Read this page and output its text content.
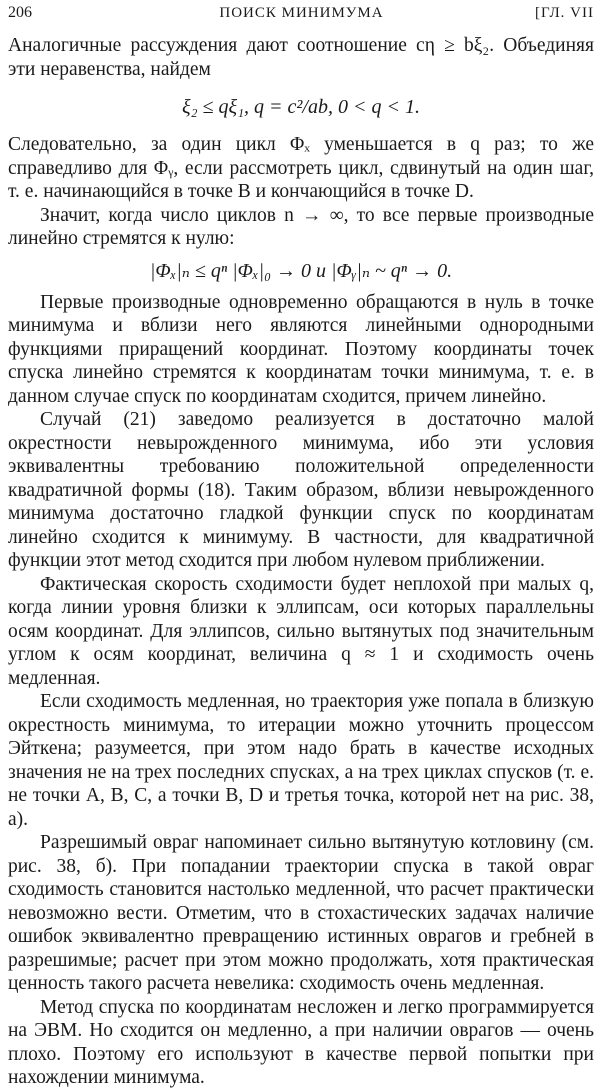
206	ПОИСК МИНИМУМА	[ГЛ. VII

Аналогичные рассуждения дают соотношение cη ≥ bξ₂. Объединяя эти неравенства, найдем

ξ₂ ≤ qξ₁, q = c²/ab, 0 < q < 1.

Следовательно, за один цикл Φₓ уменьшается в q раз; то же справедливо для Φᵧ, если рассмотреть цикл, сдвинутый на один шаг, т. е. начинающийся в точке B и кончающийся в точке D.

Значит, когда число циклов n → ∞, то все первые производные линейно стремятся к нулю:

|Φₓ|ₙ ≤ qⁿ |Φₓ|₀ → 0 и |Φᵧ|ₙ ~ qⁿ → 0.

Первые производные одновременно обращаются в нуль в точке минимума и вблизи него являются линейными однородными функциями приращений координат. Поэтому координаты точек спуска линейно стремятся к координатам точки минимума, т. е. в данном случае спуск по координатам сходится, причем линейно.

Случай (21) заведомо реализуется в достаточно малой окрестности невырожденного минимума, ибо эти условия эквивалентны требованию положительной определенности квадратичной формы (18). Таким образом, вблизи невырожденного минимума достаточно гладкой функции спуск по координатам линейно сходится к минимуму. В частности, для квадратичной функции этот метод сходится при любом нулевом приближении.

Фактическая скорость сходимости будет неплохой при малых q, когда линии уровня близки к эллипсам, оси которых параллельны осям координат. Для эллипсов, сильно вытянутых под значительным углом к осям координат, величина q ≈ 1 и сходимость очень медленная.

Если сходимость медленная, но траектория уже попала в близкую окрестность минимума, то итерации можно уточнить процессом Эйткена; разумеется, при этом надо брать в качестве исходных значения не на трех последних спусках, а на трех циклах спусков (т. е. не точки A, B, C, а точки B, D и третья точка, которой нет на рис. 38, а).

Разрешимый овраг напоминает сильно вытянутую котловину (см. рис. 38, б). При попадании траектории спуска в такой овраг сходимость становится настолько медленной, что расчет практически невозможно вести. Отметим, что в стохастических задачах наличие ошибок эквивалентно превращению истинных оврагов и гребней в разрешимые; расчет при этом можно продолжать, хотя практическая ценность такого расчета невелика: сходимость очень медленная.

Метод спуска по координатам несложен и легко программируется на ЭВМ. Но сходится он медленно, а при наличии оврагов — очень плохо. Поэтому его используют в качестве первой попытки при нахождении минимума.
